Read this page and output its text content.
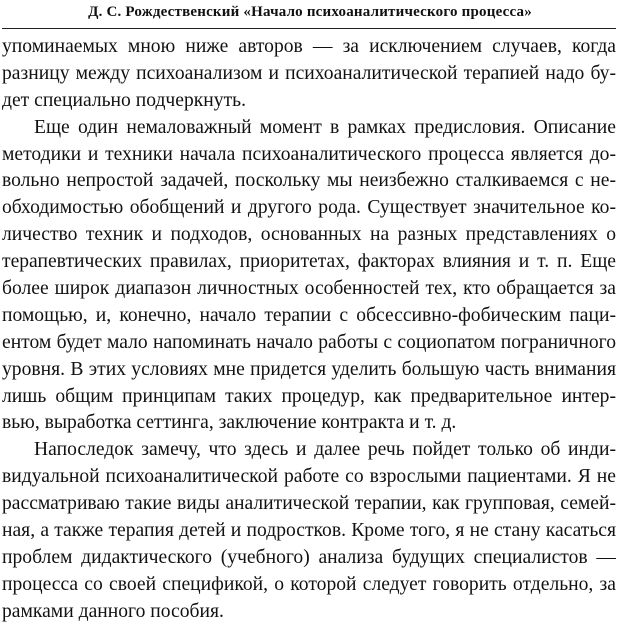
Д. С. Рождественский «Начало психоаналитического процесса»
упоминаемых мною ниже авторов — за исключением случаев, когда
разницу между психоанализом и психоаналитической терапией надо бу-
дет специально подчеркнуть.
Еще один немаловажный момент в рамках предисловия. Описание
методики и техники начала психоаналитического процесса является до-
вольно непростой задачей, поскольку мы неизбежно сталкиваемся с не-
обходимостью обобщений и другого рода. Существует значительное ко-
личество техник и подходов, основанных на разных представлениях о
терапевтических правилах, приоритетах, факторах влияния и т. п. Еще
более широк диапазон личностных особенностей тех, кто обращается за
помощью, и, конечно, начало терапии с обсессивно-фобическим паци-
ентом будет мало напоминать начало работы с социопатом пограничного
уровня. В этих условиях мне придется уделить большую часть внимания
лишь общим принципам таких процедур, как предварительное интер-
вью, выработка сеттинга, заключение контракта и т. д.
Напоследок замечу, что здесь и далее речь пойдет только об инди-
видуальной психоаналитической работе со взрослыми пациентами. Я не
рассматриваю такие виды аналитической терапии, как групповая, семей-
ная, а также терапия детей и подростков. Кроме того, я не стану касаться
проблем дидактического (учебного) анализа будущих специалистов —
процесса со своей спецификой, о которой следует говорить отдельно, за
рамками данного пособия.
